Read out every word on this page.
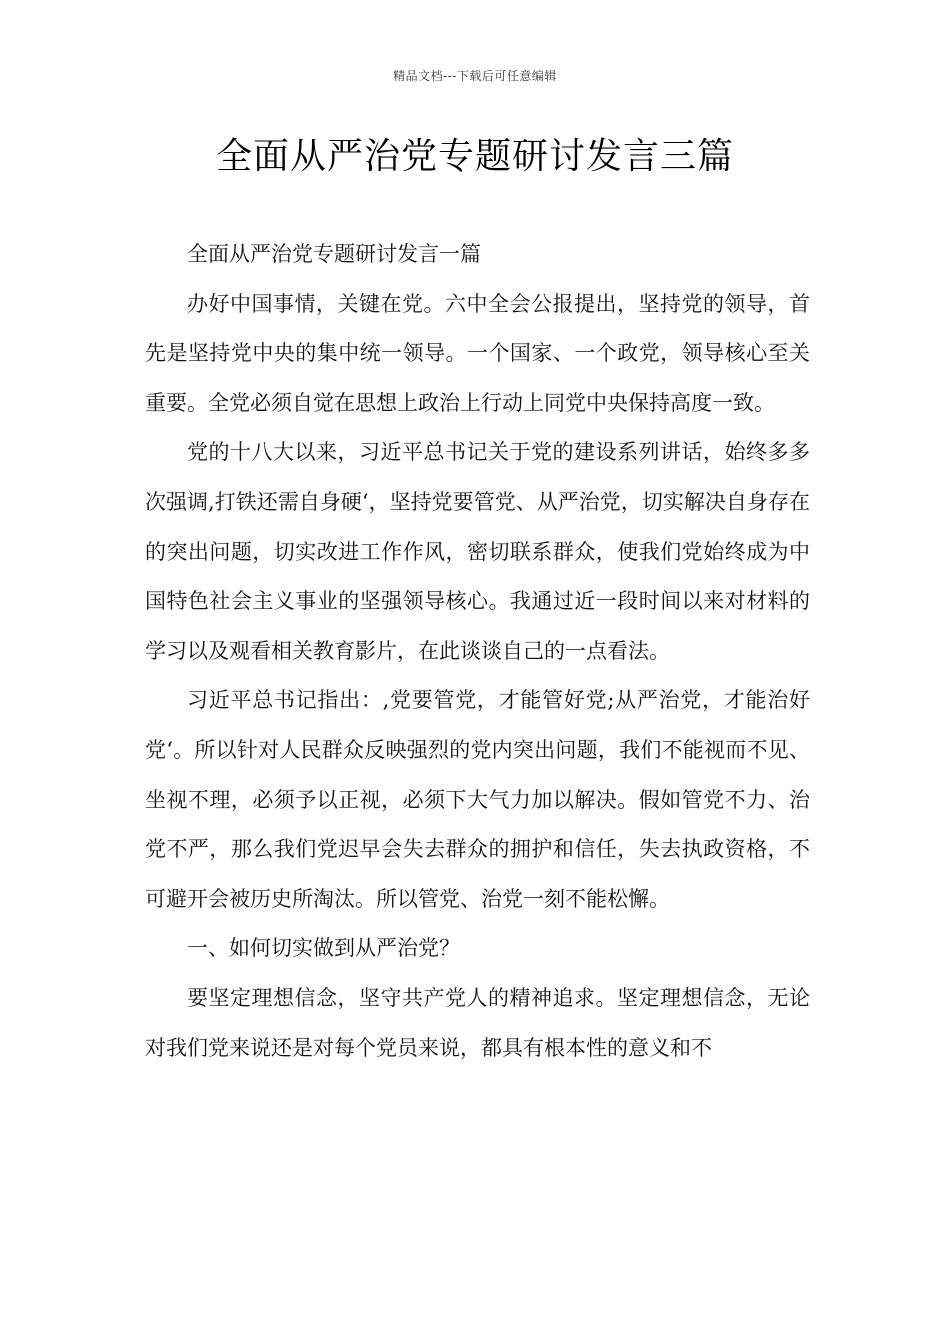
精品文档---下载后可任意编辑
全面从严治党专题研讨发言三篇

全面从严治党专题研讨发言一篇

办好中国事情，关键在党。六中全会公报提出，坚持党的领导，首先是坚持党中央的集中统一领导。一个国家、一个政党，领导核心至关重要。全党必须自觉在思想上政治上行动上同党中央保持高度一致。

党的十八大以来，习近平总书记关于党的建设系列讲话，始终多多次强调,打铁还需自身硬‘，坚持党要管党、从严治党，切实解决自身存在的突出问题，切实改进工作作风，密切联系群众，使我们党始终成为中国特色社会主义事业的坚强领导核心。我通过近一段时间以来对材料的学习以及观看相关教育影片，在此谈谈自己的一点看法。

习近平总书记指出：,党要管党，才能管好党;从严治党，才能治好党‘。所以针对人民群众反映强烈的党内突出问题，我们不能视而不见、坐视不理，必须予以正视，必须下大气力加以解决。假如管党不力、治党不严，那么我们党迟早会失去群众的拥护和信任，失去执政资格，不可避开会被历史所淘汰。所以管党、治党一刻不能松懈。

一、如何切实做到从严治党？

要坚定理想信念，坚守共产党人的精神追求。坚定理想信念，无论对我们党来说还是对每个党员来说，都具有根本性的意义和不
